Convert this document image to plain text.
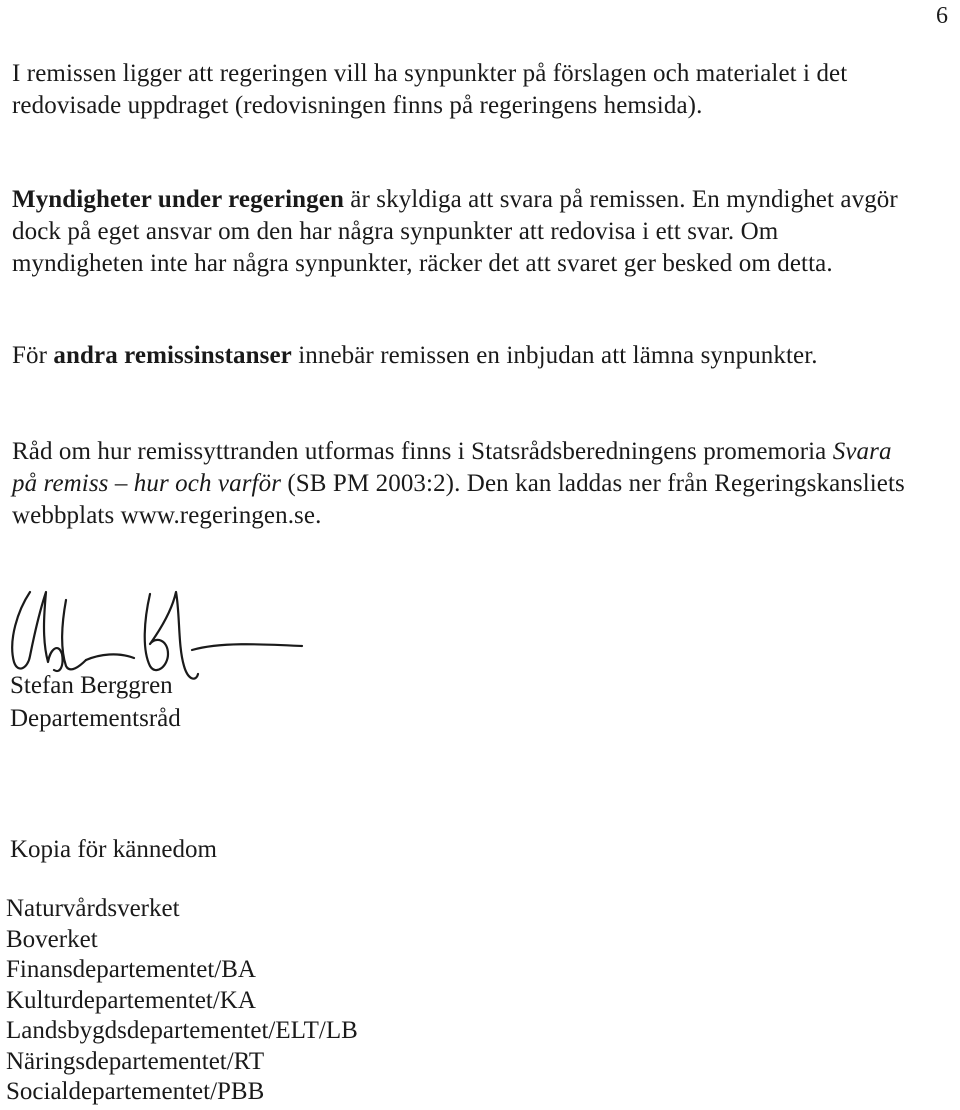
6

I remissen ligger att regeringen vill ha synpunkter på förslagen och materialet i det redovisade uppdraget (redovisningen finns på regeringens hemsida).

Myndigheter under regeringen är skyldiga att svara på remissen. En myndighet avgör dock på eget ansvar om den har några synpunkter att redovisa i ett svar. Om myndigheten inte har några synpunkter, räcker det att svaret ger besked om detta.

För andra remissinstanser innebär remissen en inbjudan att lämna synpunkter.

Råd om hur remissyttranden utformas finns i Statsrådsberedningens promemoria Svara på remiss – hur och varför (SB PM 2003:2). Den kan laddas ner från Regeringskansliets webbplats www.regeringen.se.

Stefan Berggren
Departementsråd
Kopia för kännedom
Naturvårdsverket
Boverket
Finansdepartementet/BA
Kulturdepartementet/KA
Landsbygdsdepartementet/ELT/LB
Näringsdepartementet/RT
Socialdepartementet/PBB
